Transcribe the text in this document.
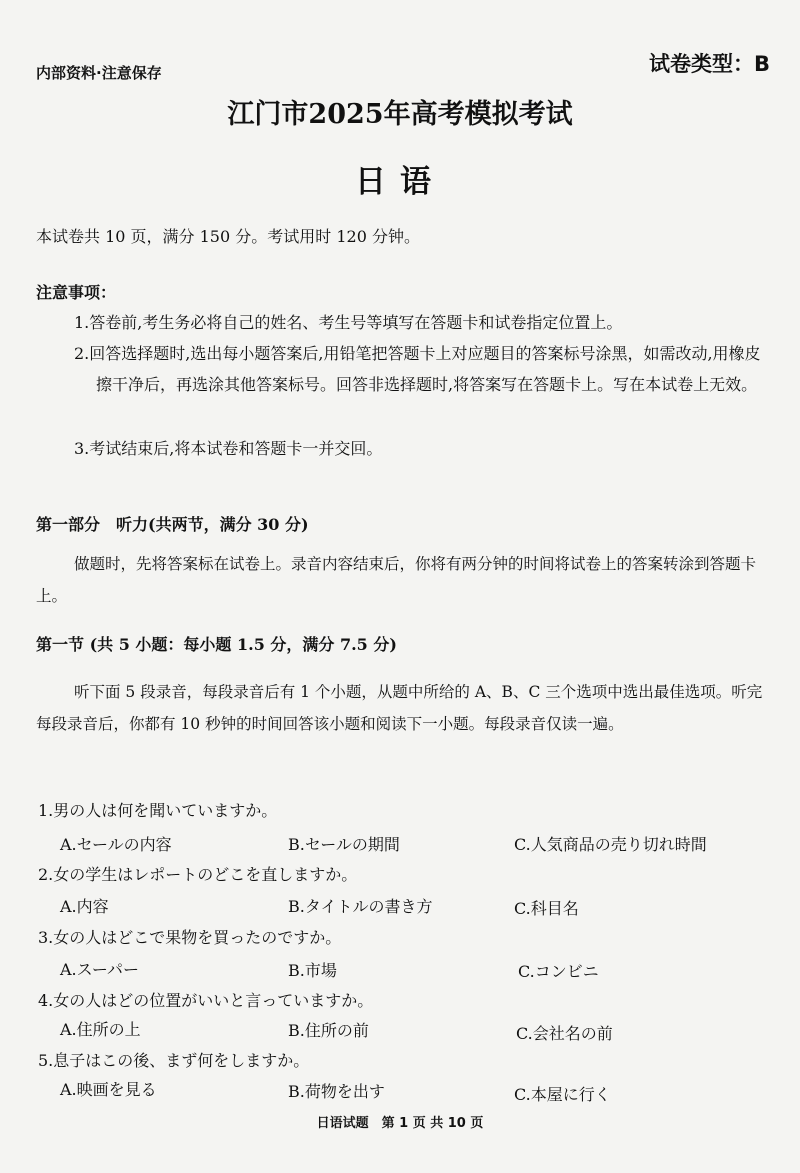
内部资料·注意保存	试卷类型：B
江门市2025年高考模拟考试
日语
本试卷共 10 页，满分 150 分。考试用时 120 分钟。
注意事项：
1.答卷前,考生务必将自己的姓名、考生号等填写在答题卡和试卷指定位置上。
2.回答选择题时,选出每小题答案后,用铅笔把答题卡上对应题目的答案标号涂黑，如需改动,用橡皮擦干净后，再选涂其他答案标号。回答非选择题时,将答案写在答题卡上。写在本试卷上无效。
3.考试结束后,将本试卷和答题卡一并交回。
第一部分　听力(共两节，满分 30 分)
做题时，先将答案标在试卷上。录音内容结束后，你将有两分钟的时间将试卷上的答案转涂到答题卡上。
第一节 (共 5 小题：每小题 1.5 分，满分 7.5 分)
听下面 5 段录音，每段录音后有 1 个小题，从题中所给的 A、B、C 三个选项中选出最佳选项。听完每段录音后，你都有 10 秒钟的时间回答该小题和阅读下一小题。每段录音仅读一遍。
1.男の人は何を聞いていますか。
A.セールの内容	B.セールの期間	C.人気商品の売り切れ時間
2.女の学生はレポートのどこを直しますか。
A.内容	B.タイトルの書き方	C.科目名
3.女の人はどこで果物を買ったのですか。
A.スーパー	B.市場	C.コンビニ
4.女の人はどの位置がいいと言っていますか。
A.住所の上	B.住所の前	C.会社名の前
5.息子はこの後、まず何をしますか。
A.映画を見る	B.荷物を出す	C.本屋に行く
日语试题　第 1 页 共 10 页
